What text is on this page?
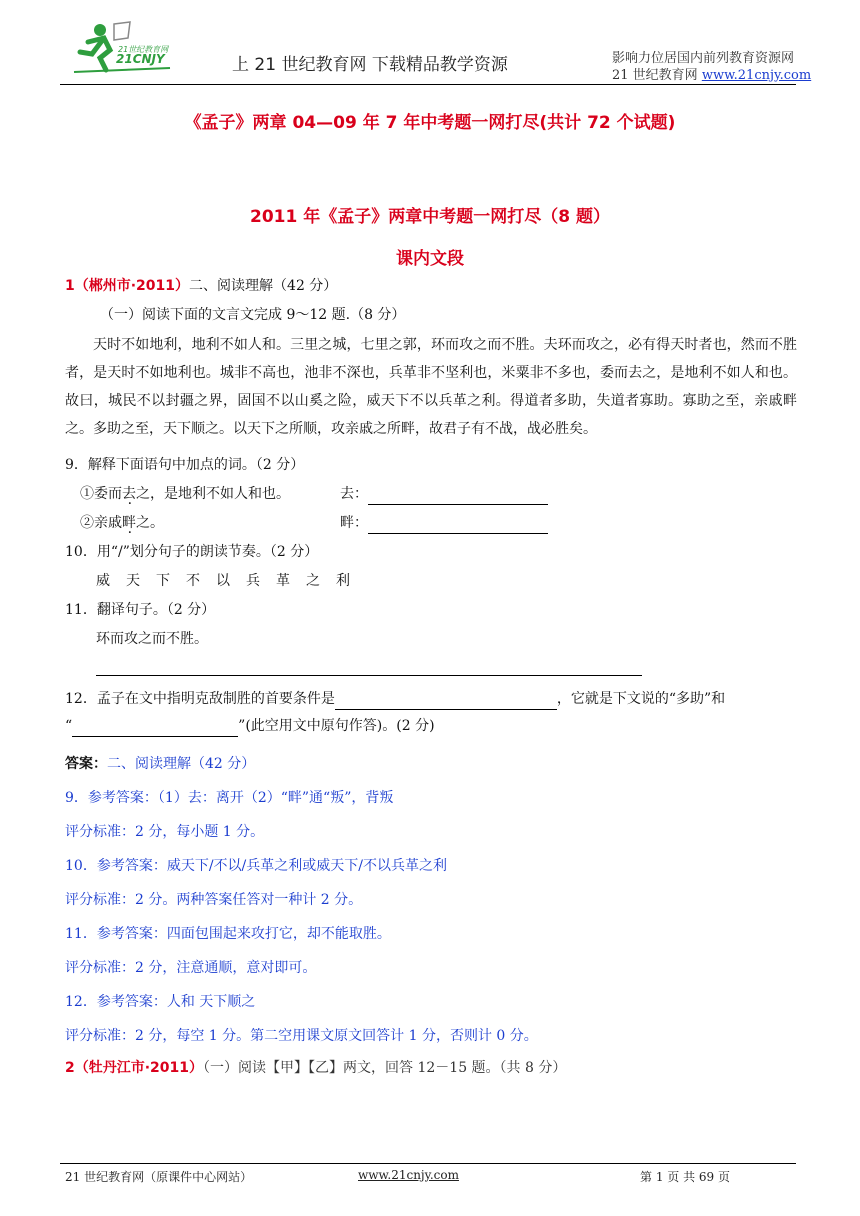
21世纪教育网
21CNJY	上 21 世纪教育网 下载精品教学资源	影响力位居国内前列教育资源网
21 世纪教育网 www.21cnjy.com
《孟子》两章 04—09 年 7 年中考题一网打尽(共计 72 个试题)
2011 年《孟子》两章中考题一网打尽（8 题）
课内文段
1（郴州市·2011）二、阅读理解（42 分）
（一）阅读下面的文言文完成 9～12 题.（8 分）
天时不如地利，地利不如人和。三里之城，七里之郭，环而攻之而不胜。夫环而攻之，必有得天时者也，然而不胜者，是天时不如地利也。城非不高也，池非不深也，兵革非不坚利也，米粟非不多也，委而去之，是地利不如人和也。故曰，城民不以封疆之界，固国不以山奚之险，威天下不以兵革之利。得道者多助，失道者寡助。寡助之至，亲戚畔之。多助之至，天下顺之。以天下之所顺，攻亲戚之所畔，故君子有不战，战必胜矣。
9．解释下面语句中加点的词。（2 分）
①委而去之，是地利不如人和也。	去：
②亲戚畔之。	畔：
10．用“/”划分句子的朗读节奏。（2 分）
威 天 下 不 以 兵 革 之 利
11．翻译句子。（2 分）
环而攻之而不胜。
12．孟子在文中指明克敌制胜的首要条件是	，它就是下文说的“多助”和
“	”(此空用文中原句作答)。(2 分)
答案：二、阅读理解（42 分）
9．参考答案：（1）去：离开（2）“畔”通“叛”，背叛
评分标准：2 分，每小题 1 分。
10．参考答案：威天下/不以/兵革之利或威天下/不以兵革之利
评分标准：2 分。两种答案任答对一种计 2 分。
11．参考答案：四面包围起来攻打它，却不能取胜。
评分标准：2 分，注意通顺，意对即可。
12．参考答案：人和 天下顺之
评分标准：2 分，每空 1 分。第二空用课文原文回答计 1 分，否则计 0 分。
2（牡丹江市·2011）（一）阅读【甲】【乙】两文，回答 12－15 题。（共 8 分）
21 世纪教育网（原课件中心网站）	www.21cnjy.com	第 1 页 共 69 页
